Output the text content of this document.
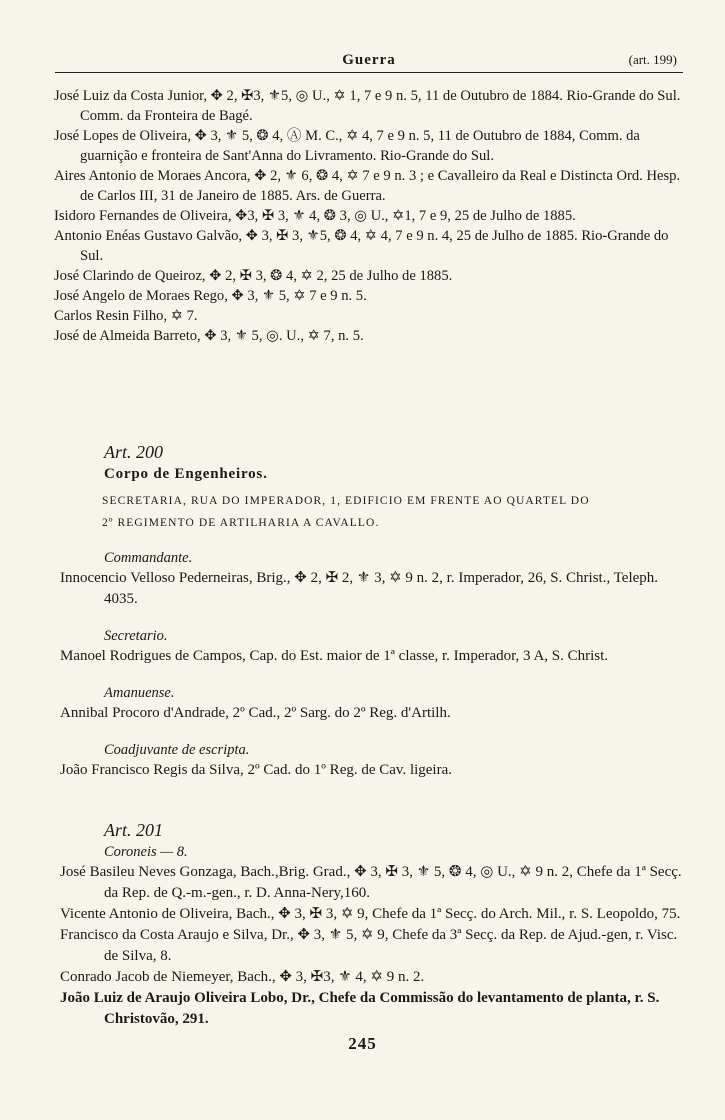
Guerra	(art. 199)
José Luiz da Costa Junior, ✥ 2, ✠3, ⚜5, ◎ U., ✡ 1, 7 e 9 n. 5, 11 de Outubro de 1884. Rio-Grande do Sul. Comm. da Fronteira de Bagé.
José Lopes de Oliveira, ✥ 3, ⚜ 5, ❂ 4, Ⓐ M. C., ✡ 4, 7 e 9 n. 5, 11 de Outubro de 1884, Comm. da guarnição e fronteira de Sant'Anna do Livramento. Rio-Grande do Sul.
Aires Antonio de Moraes Ancora, ✥ 2, ⚜ 6, ❂ 4, ✡ 7 e 9 n. 3 ; e Cavalleiro da Real e Distincta Ord. Hesp. de Carlos III, 31 de Janeiro de 1885. Ars. de Guerra.
Isidoro Fernandes de Oliveira, ✥3, ✠ 3, ⚜ 4, ❂ 3, ◎ U., ✡1, 7 e 9, 25 de Julho de 1885.
Antonio Enéas Gustavo Galvão, ✥ 3, ✠ 3, ⚜5, ❂ 4, ✡ 4, 7 e 9 n. 4, 25 de Julho de 1885. Rio-Grande do Sul.
José Clarindo de Queiroz, ✥ 2, ✠ 3, ❂ 4, ✡ 2, 25 de Julho de 1885.
José Angelo de Moraes Rego, ✥ 3, ⚜ 5, ✡ 7 e 9 n. 5.
Carlos Resin Filho, ✡ 7.
José de Almeida Barreto, ✥ 3, ⚜ 5, ◎. U., ✡ 7, n. 5.
Art. 200
Corpo de Engenheiros.
SECRETARIA, RUA DO IMPERADOR, 1, EDIFICIO EM FRENTE AO QUARTEL DO
2º REGIMENTO DE ARTILHARIA A CAVALLO.
Commandante.
Innocencio Velloso Pederneiras, Brig., ✥ 2, ✠ 2, ⚜ 3, ✡ 9 n. 2, r. Imperador, 26, S. Christ., Teleph. 4035.
Secretario.
Manoel Rodrigues de Campos, Cap. do Est. maior de 1ª classe, r. Imperador, 3 A, S. Christ.
Amanuense.
Annibal Procoro d'Andrade, 2º Cad., 2º Sarg. do 2º Reg. d'Artilh.
Coadjuvante de escripta.
João Francisco Regis da Silva, 2º Cad. do 1º Reg. de Cav. ligeira.
Art. 201
Coroneis — 8.
José Basileu Neves Gonzaga, Bach.,Brig. Grad., ✥ 3, ✠ 3, ⚜ 5, ❂ 4, ◎ U., ✡ 9 n. 2, Chefe da 1ª Secç. da Rep. de Q.-m.-gen., r. D. Anna-Nery,160.
Vicente Antonio de Oliveira, Bach., ✥ 3, ✠ 3, ✡ 9, Chefe da 1ª Secç. do Arch. Mil., r. S. Leopoldo, 75.
Francisco da Costa Araujo e Silva, Dr., ✥ 3, ⚜ 5, ✡ 9, Chefe da 3ª Secç. da Rep. de Ajud.-gen, r. Visc. de Silva, 8.
Conrado Jacob de Niemeyer, Bach., ✥ 3, ✠3, ⚜ 4, ✡ 9 n. 2.
João Luiz de Araujo Oliveira Lobo, Dr., Chefe da Commissão do levantamento de planta, r. S. Christovão, 291.
245
